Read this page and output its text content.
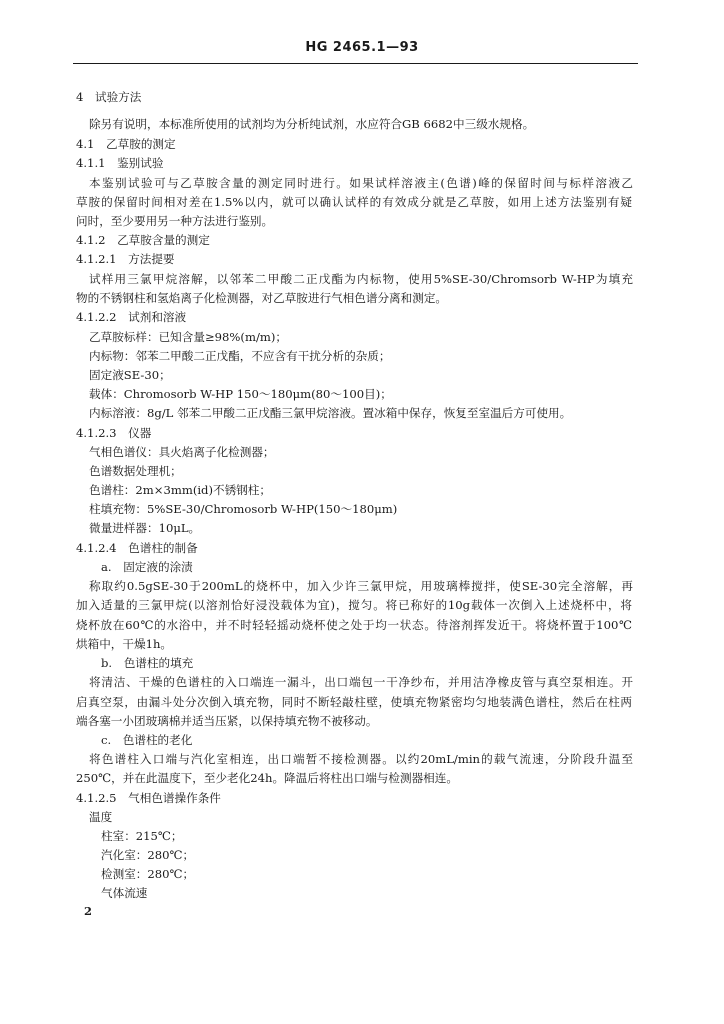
HG 2465.1—93
4　试验方法
除另有说明，本标准所使用的试剂均为分析纯试剂，水应符合GB 6682中三级水规格。
4.1　乙草胺的测定
4.1.1　鉴别试验
本鉴别试验可与乙草胺含量的测定同时进行。如果试样溶液主(色谱)峰的保留时间与标样溶液乙
草胺的保留时间相对差在1.5%以内，就可以确认试样的有效成分就是乙草胺，如用上述方法鉴别有疑
问时，至少要用另一种方法进行鉴别。
4.1.2　乙草胺含量的测定
4.1.2.1　方法提要
试样用三氯甲烷溶解，以邻苯二甲酸二正戊酯为内标物，使用5%SE-30/Chromsorb W-HP为填充
物的不锈钢柱和氢焰离子化检测器，对乙草胺进行气相色谱分离和测定。
4.1.2.2　试剂和溶液
乙草胺标样：已知含量≥98%(m/m)；
内标物：邻苯二甲酸二正戊酯，不应含有干扰分析的杂质；
固定液SE-30；
载体：Chromosorb W-HP 150～180μm(80～100目)；
内标溶液：8g/L 邻苯二甲酸二正戊酯三氯甲烷溶液。置冰箱中保存，恢复至室温后方可使用。
4.1.2.3　仪器
气相色谱仪：具火焰离子化检测器；
色谱数据处理机；
色谱柱：2m×3mm(id)不锈钢柱；
柱填充物：5%SE-30/Chromosorb W-HP(150～180μm)
微量进样器：10μL。
4.1.2.4　色谱柱的制备
a.　固定液的涂渍
称取约0.5gSE-30于200mL的烧杯中，加入少许三氯甲烷，用玻璃棒搅拌，使SE-30完全溶解，再
加入适量的三氯甲烷(以溶剂恰好浸没载体为宜)，搅匀。将已称好的10g载体一次倒入上述烧杯中，将
烧杯放在60℃的水浴中，并不时轻轻摇动烧杯使之处于均一状态。待溶剂挥发近干。将烧杯置于100℃
烘箱中，干燥1h。
b.　色谱柱的填充
将清洁、干燥的色谱柱的入口端连一漏斗，出口端包一干净纱布，并用洁净橡皮管与真空泵相连。开
启真空泵，由漏斗处分次倒入填充物，同时不断轻敲柱壁，使填充物紧密均匀地装满色谱柱，然后在柱两
端各塞一小团玻璃棉并适当压紧，以保持填充物不被移动。
c.　色谱柱的老化
将色谱柱入口端与汽化室相连，出口端暂不接检测器。以约20mL/min的载气流速，分阶段升温至
250℃，并在此温度下，至少老化24h。降温后将柱出口端与检测器相连。
4.1.2.5　气相色谱操作条件
温度
柱室：215℃；
汽化室：280℃；
检测室：280℃；
气体流速
2
